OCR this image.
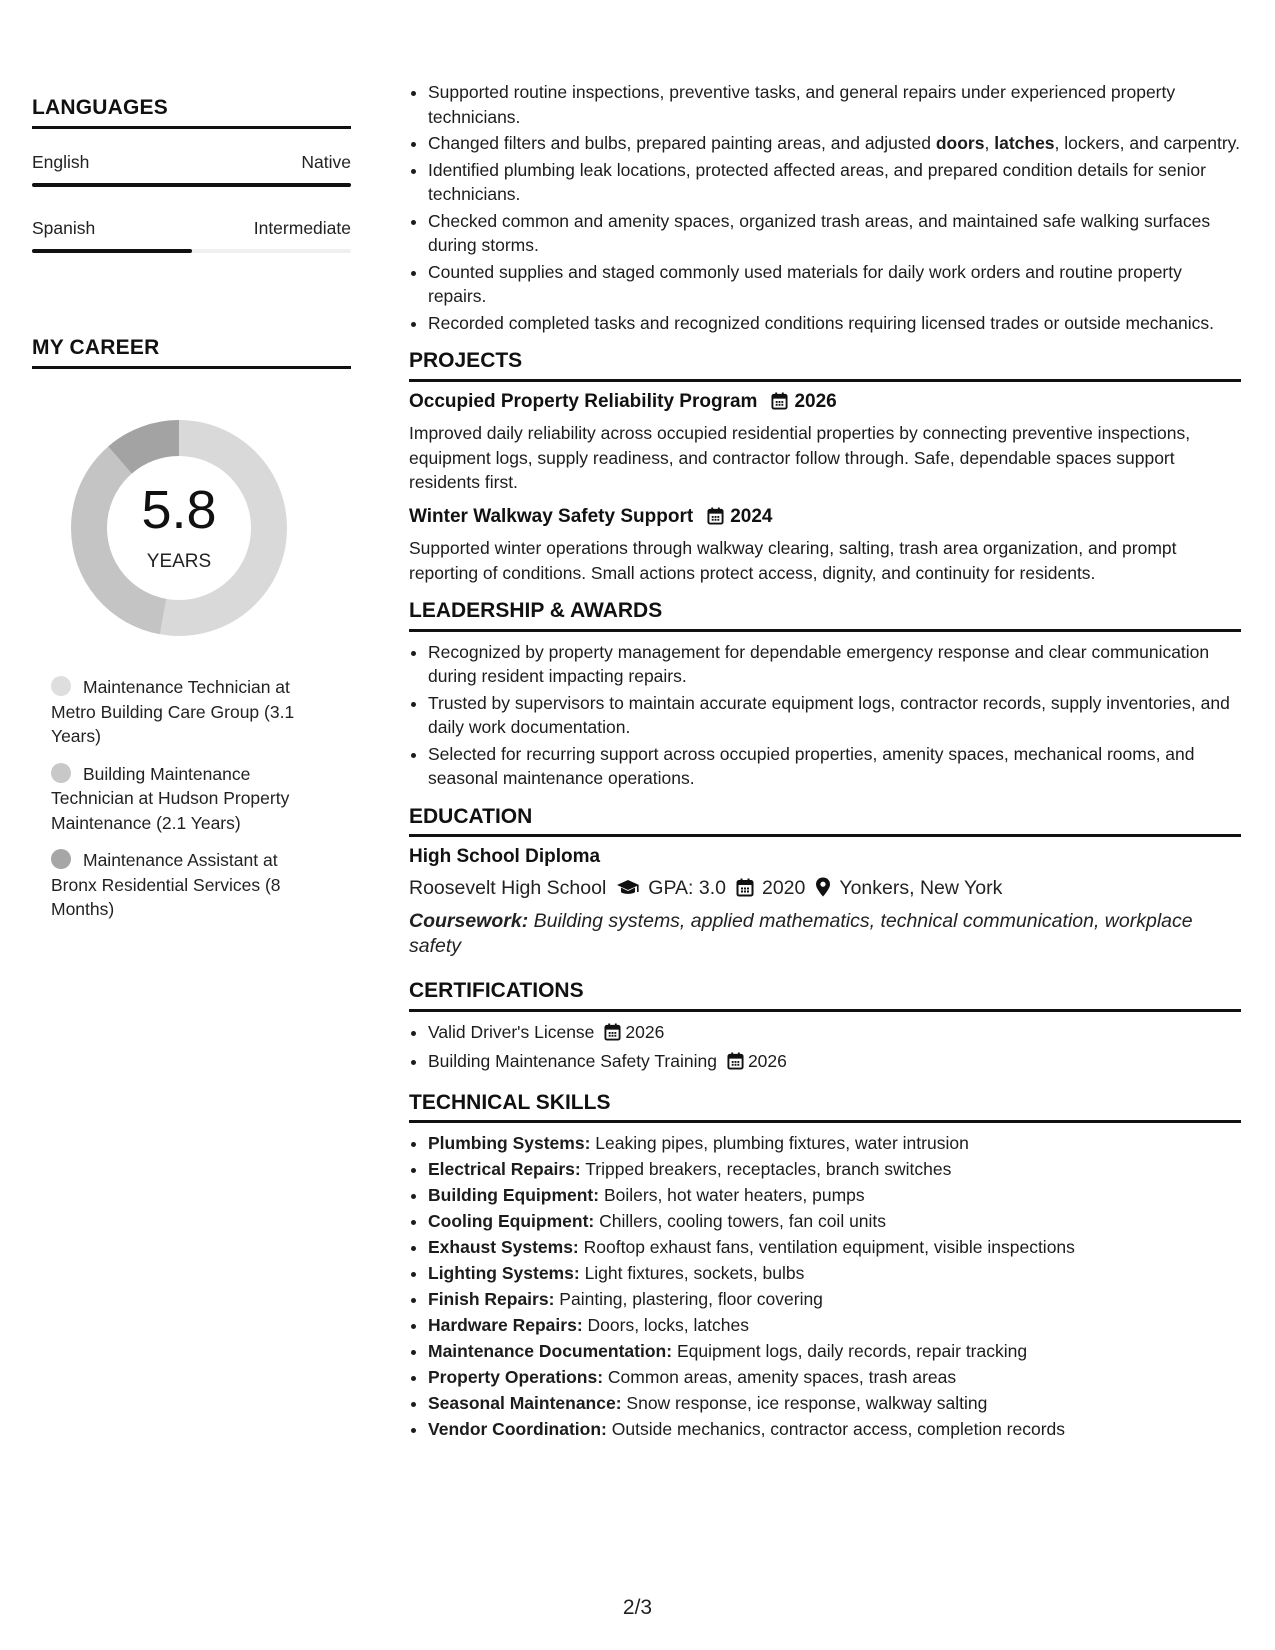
LANGUAGES
English	Native
Spanish	Intermediate
MY CAREER
5.8
YEARS
Maintenance Technician at Metro Building Care Group (3.1 Years)
Building Maintenance Technician at Hudson Property Maintenance (2.1 Years)
Maintenance Assistant at Bronx Residential Services (8 Months)
• Supported routine inspections, preventive tasks, and general repairs under experienced property technicians.
• Changed filters and bulbs, prepared painting areas, and adjusted doors, latches, lockers, and carpentry.
• Identified plumbing leak locations, protected affected areas, and prepared condition details for senior technicians.
• Checked common and amenity spaces, organized trash areas, and maintained safe walking surfaces during storms.
• Counted supplies and staged commonly used materials for daily work orders and routine property repairs.
• Recorded completed tasks and recognized conditions requiring licensed trades or outside mechanics.
PROJECTS
Occupied Property Reliability Program 2026
Improved daily reliability across occupied residential properties by connecting preventive inspections, equipment logs, supply readiness, and contractor follow through. Safe, dependable spaces support residents first.
Winter Walkway Safety Support 2024
Supported winter operations through walkway clearing, salting, trash area organization, and prompt reporting of conditions. Small actions protect access, dignity, and continuity for residents.
LEADERSHIP & AWARDS
• Recognized by property management for dependable emergency response and clear communication during resident impacting repairs.
• Trusted by supervisors to maintain accurate equipment logs, contractor records, supply inventories, and daily work documentation.
• Selected for recurring support across occupied properties, amenity spaces, mechanical rooms, and seasonal maintenance operations.
EDUCATION
High School Diploma
Roosevelt High School GPA: 3.0 2020 Yonkers, New York
Coursework: Building systems, applied mathematics, technical communication, workplace safety
CERTIFICATIONS
• Valid Driver's License 2026
• Building Maintenance Safety Training 2026
TECHNICAL SKILLS
• Plumbing Systems: Leaking pipes, plumbing fixtures, water intrusion
• Electrical Repairs: Tripped breakers, receptacles, branch switches
• Building Equipment: Boilers, hot water heaters, pumps
• Cooling Equipment: Chillers, cooling towers, fan coil units
• Exhaust Systems: Rooftop exhaust fans, ventilation equipment, visible inspections
• Lighting Systems: Light fixtures, sockets, bulbs
• Finish Repairs: Painting, plastering, floor covering
• Hardware Repairs: Doors, locks, latches
• Maintenance Documentation: Equipment logs, daily records, repair tracking
• Property Operations: Common areas, amenity spaces, trash areas
• Seasonal Maintenance: Snow response, ice response, walkway salting
• Vendor Coordination: Outside mechanics, contractor access, completion records
2/3
